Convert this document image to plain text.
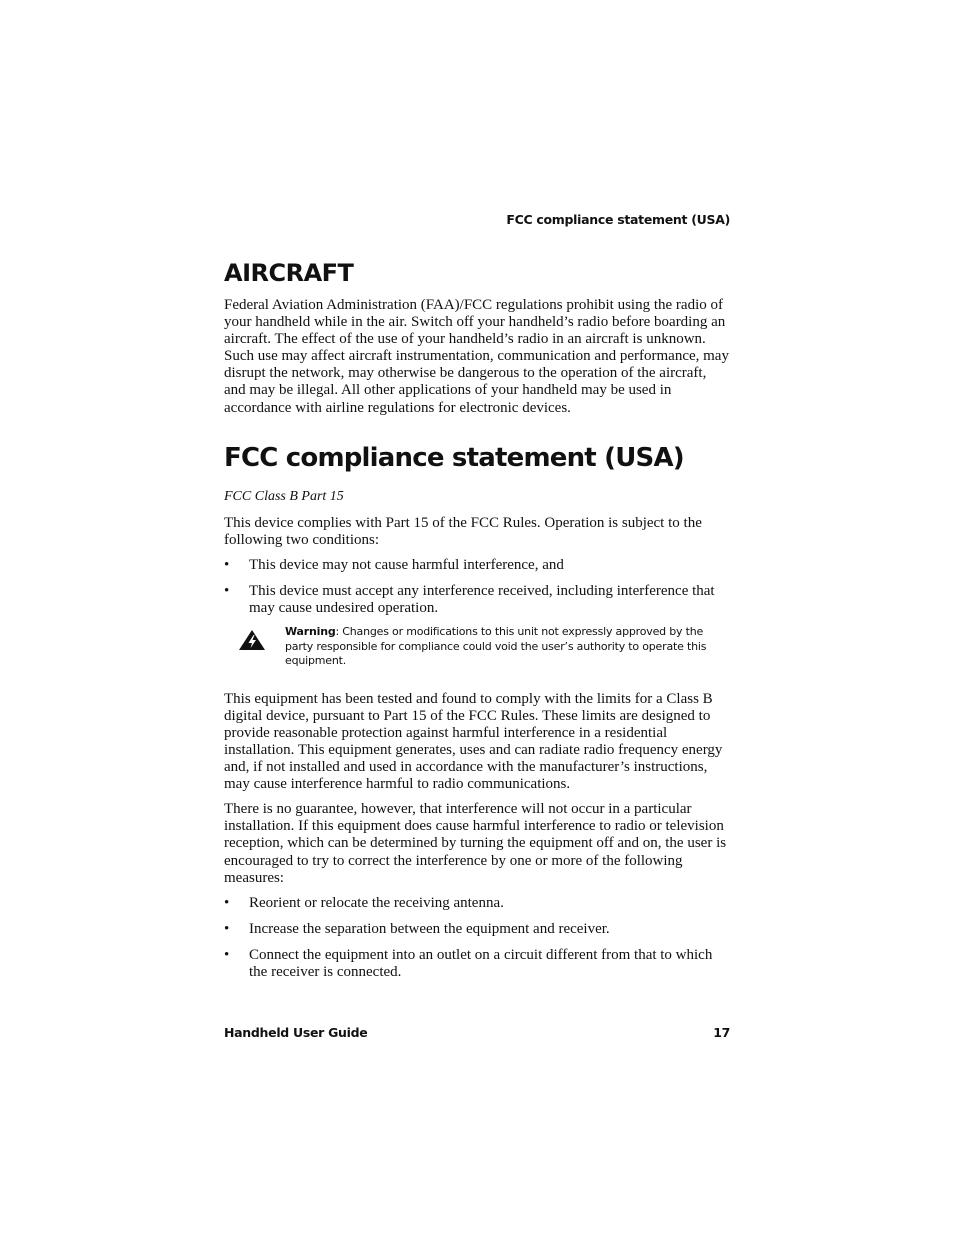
FCC compliance statement (USA)
AIRCRAFT

Federal Aviation Administration (FAA)/FCC regulations prohibit using the radio of your handheld while in the air. Switch off your handheld’s radio before boarding an aircraft. The effect of the use of your handheld’s radio in an aircraft is unknown. Such use may affect aircraft instrumentation, communication and performance, may disrupt the network, may otherwise be dangerous to the operation of the aircraft, and may be illegal. All other applications of your handheld may be used in accordance with airline regulations for electronic devices.

FCC compliance statement (USA)

FCC Class B Part 15

This device complies with Part 15 of the FCC Rules. Operation is subject to the following two conditions:

• This device may not cause harmful interference, and
• This device must accept any interference received, including interference that may cause undesired operation.
Warning: Changes or modifications to this unit not expressly approved by the party responsible for compliance could void the user’s authority to operate this equipment.

This equipment has been tested and found to comply with the limits for a Class B digital device, pursuant to Part 15 of the FCC Rules. These limits are designed to provide reasonable protection against harmful interference in a residential installation. This equipment generates, uses and can radiate radio frequency energy and, if not installed and used in accordance with the manufacturer’s instructions, may cause interference harmful to radio communications.

There is no guarantee, however, that interference will not occur in a particular installation. If this equipment does cause harmful interference to radio or television reception, which can be determined by turning the equipment off and on, the user is encouraged to try to correct the interference by one or more of the following measures:

• Reorient or relocate the receiving antenna.
• Increase the separation between the equipment and receiver.
• Connect the equipment into an outlet on a circuit different from that to which the receiver is connected.
Handheld User Guide	17
